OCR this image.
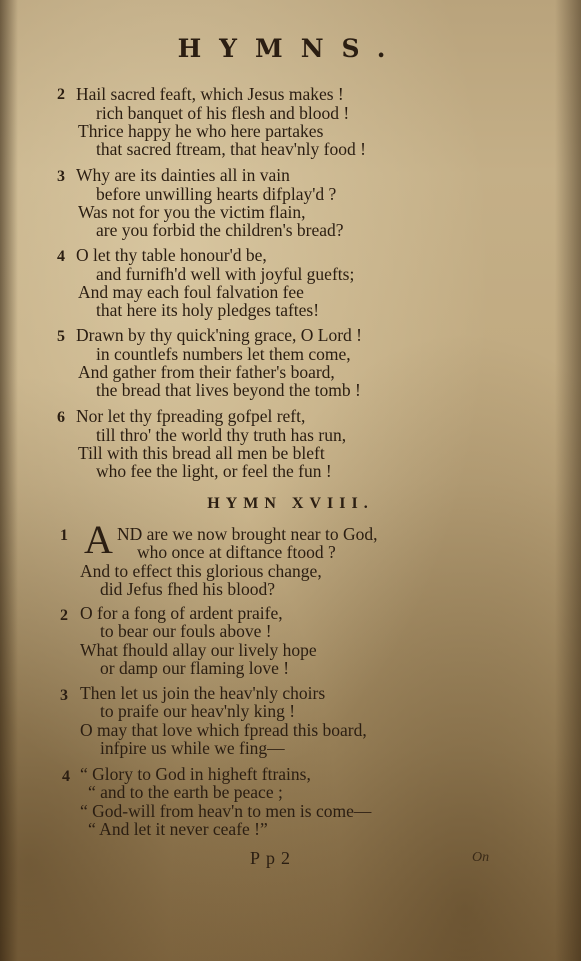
HYMNS.
2 Hail sacred feaft, which Jesus makes !
rich banquet of his flesh and blood !
Thrice happy he who here partakes
that sacred ftream, that heav'nly food !
3 Why are its dainties all in vain
before unwilling hearts difplay'd ?
Was not for you the victim flain,
are you forbid the children's bread?
4 O let thy table honour'd be,
and furnifh'd well with joyful guefts;
And may each foul falvation fee
that here its holy pledges taftes!
5 Drawn by thy quick'ning grace, O Lord !
in countlefs numbers let them come,
And gather from their father's board,
the bread that lives beyond the tomb !
6 Nor let thy fpreading gofpel reft,
till thro' the world thy truth has run,
Till with this bread all men be bleft
who fee the light, or feel the fun !
HYMN XVIII.
1 A ND are we now brought near to God,
who once at diftance ftood ?
And to effect this glorious change,
did Jefus fhed his blood?
2 O for a fong of ardent praife,
to bear our fouls above !
What fhould allay our lively hope
or damp our flaming love !
3 Then let us join the heav'nly choirs
to praife our heav'nly king !
O may that love which fpread this board,
infpire us while we fing—
4 “ Glory to God in higheft ftrains,
“ and to the earth be peace ;
“ God-will from heav'n to men is come—
“ And let it never ceafe !”
Pp2	On
